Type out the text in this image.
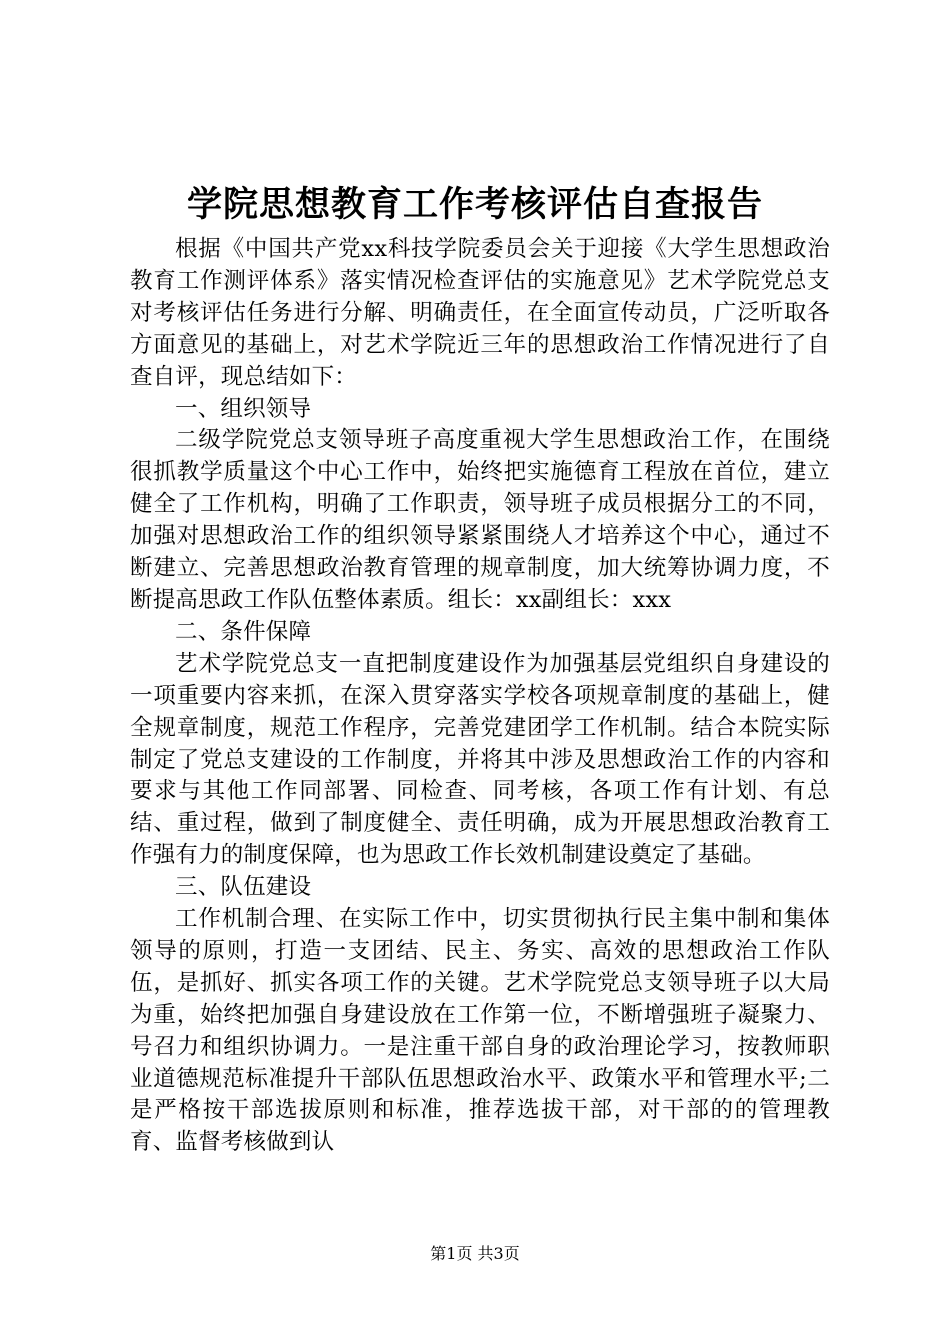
学院思想教育工作考核评估自查报告

根据《中国共产党xx科技学院委员会关于迎接《大学生思想政治教育工作测评体系》落实情况检查评估的实施意见》艺术学院党总支对考核评估任务进行分解、明确责任，在全面宣传动员，广泛听取各方面意见的基础上，对艺术学院近三年的思想政治工作情况进行了自查自评，现总结如下：

一、组织领导

二级学院党总支领导班子高度重视大学生思想政治工作，在围绕很抓教学质量这个中心工作中，始终把实施德育工程放在首位，建立健全了工作机构，明确了工作职责，领导班子成员根据分工的不同，加强对思想政治工作的组织领导紧紧围绕人才培养这个中心，通过不断建立、完善思想政治教育管理的规章制度，加大统筹协调力度，不断提高思政工作队伍整体素质。组长：xx副组长：xxx

二、条件保障

艺术学院党总支一直把制度建设作为加强基层党组织自身建设的一项重要内容来抓，在深入贯穿落实学校各项规章制度的基础上，健全规章制度，规范工作程序，完善党建团学工作机制。结合本院实际制定了党总支建设的工作制度，并将其中涉及思想政治工作的内容和要求与其他工作同部署、同检查、同考核，各项工作有计划、有总结、重过程，做到了制度健全、责任明确，成为开展思想政治教育工作强有力的制度保障，也为思政工作长效机制建设奠定了基础。

三、队伍建设

工作机制合理、在实际工作中，切实贯彻执行民主集中制和集体领导的原则，打造一支团结、民主、务实、高效的思想政治工作队伍，是抓好、抓实各项工作的关键。艺术学院党总支领导班子以大局为重，始终把加强自身建设放在工作第一位，不断增强班子凝聚力、号召力和组织协调力。一是注重干部自身的政治理论学习，按教师职业道德规范标准提升干部队伍思想政治水平、政策水平和管理水平;二是严格按干部选拔原则和标准，推荐选拔干部，对干部的的管理教育、监督考核做到认

第1页 共3页
